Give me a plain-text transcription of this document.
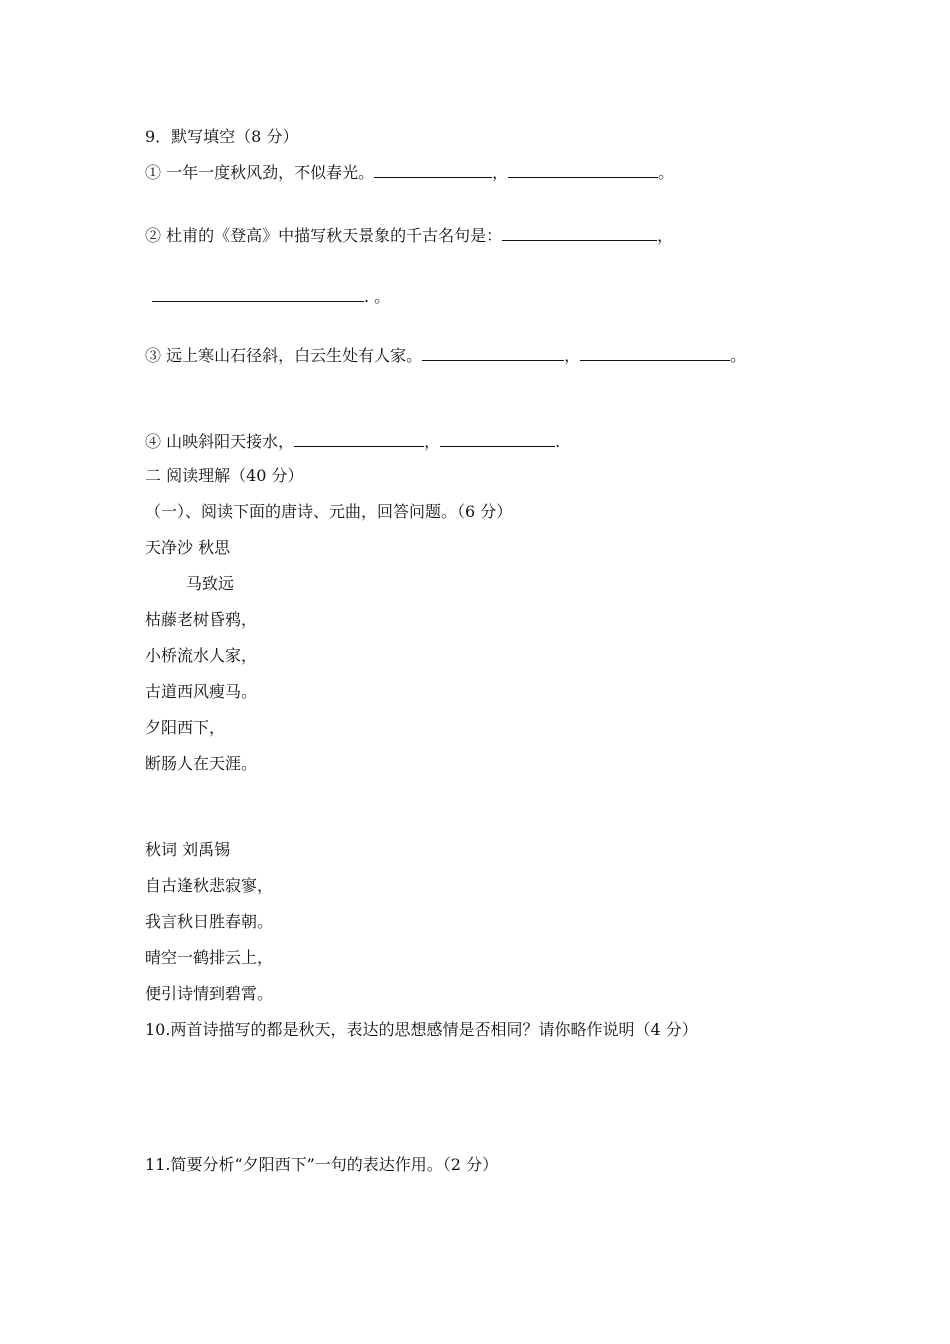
9．默写填空（8 分）
① 一年一度秋风劲，不似春光。	，	。
② 杜甫的《登高》中描写秋天景象的千古名句是：	，
. 。
③ 远上寒山石径斜，白云生处有人家。	，	。
④ 山映斜阳天接水，	，	.
二 阅读理解（40 分）
（一）、阅读下面的唐诗、元曲，回答问题。（6 分）
天净沙 秋思
马致远
枯藤老树昏鸦，
小桥流水人家，
古道西风瘦马。
夕阳西下，
断肠人在天涯。
秋词 刘禹锡
自古逢秋悲寂寥，
我言秋日胜春朝。
晴空一鹤排云上，
便引诗情到碧霄。
10.两首诗描写的都是秋天，表达的思想感情是否相同？请你略作说明（4 分）
11.简要分析“夕阳西下”一句的表达作用。（2 分）
